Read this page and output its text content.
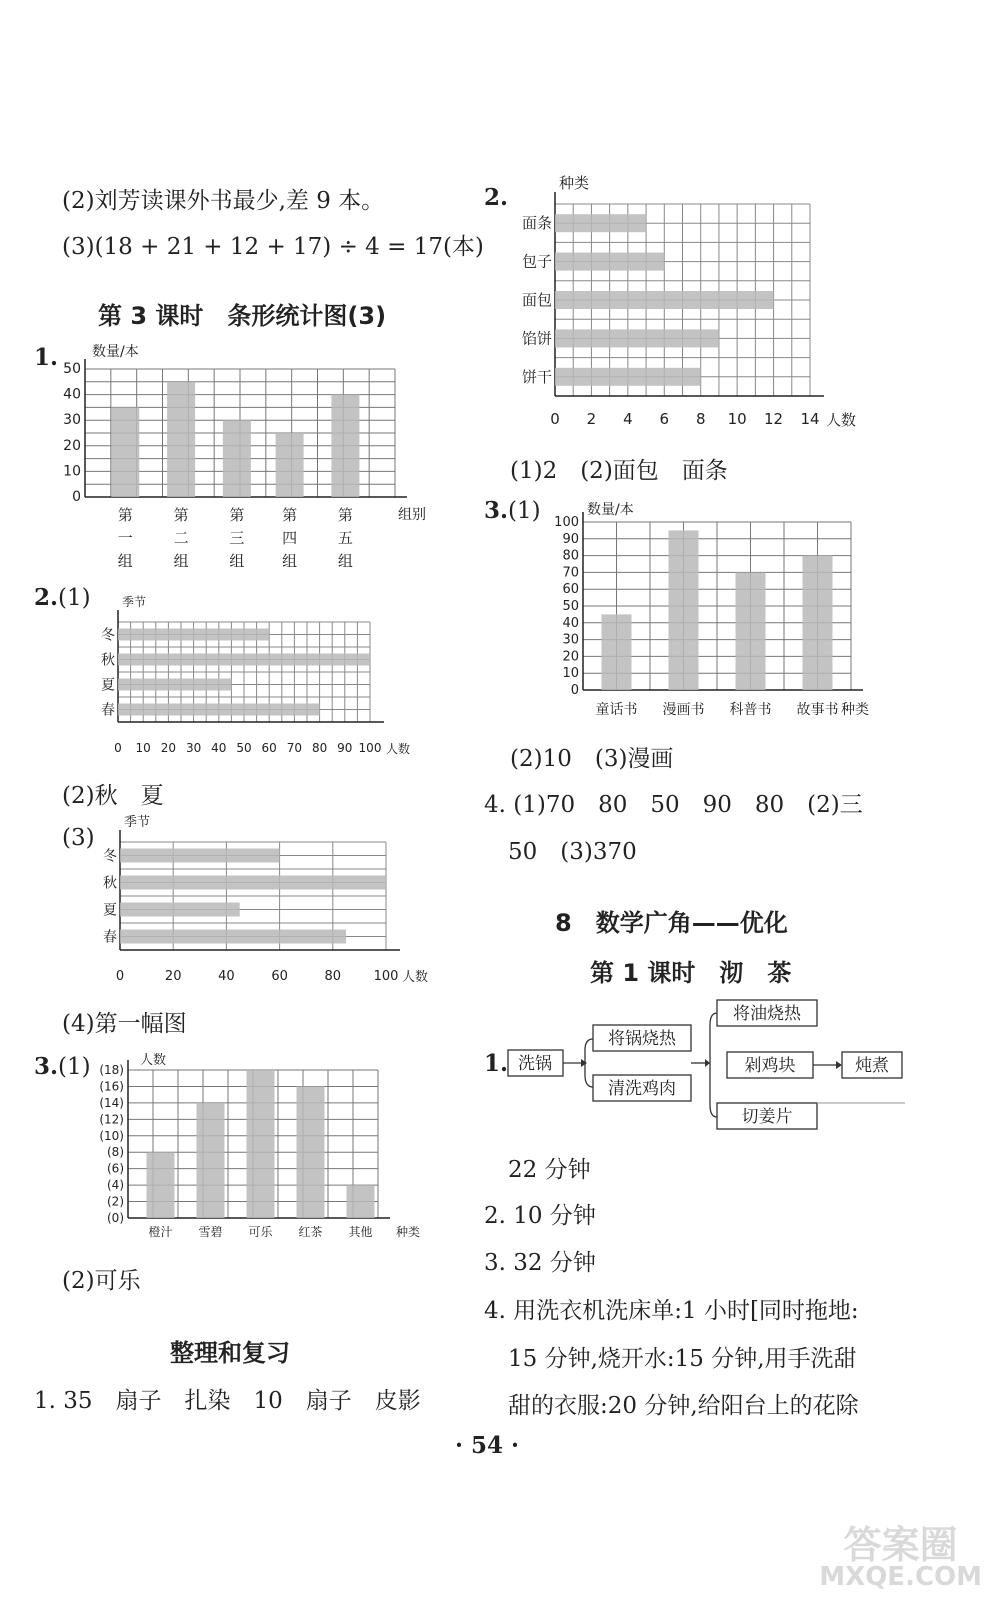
(2)刘芳读课外书最少,差 9 本。
(3)(18 + 21 + 12 + 17) ÷ 4 = 17(本)
第 3 课时　条形统计图(3)
1. 50
40
30
20
10
0
数量/本
组别
第
一
组
第
二
组
第
三
组
第
四
组
第
五
组
2.(1)
冬
秋
夏
春
0 10 20 30 40 50 60 70 80 90 100 人数
季节
(2)秋　夏
(3)
冬
秋
夏
春
0	20	40	60	80	100 人数
季节
(4)第一幅图
3.(1) (18)
(16)
(14)
(12)
(10)
(8)
(6)
(4)
(2)
(0)
人数
橙汁 雪碧 可乐 红茶 其他 种类
(2)可乐
整理和复习
1. 35　扇子　扎染　10　扇子　皮影
2.
面条
包子
面包
馅饼
饼干
0 2 4 6 8 10 12 14 人数
种类
(1)2　(2)面包　面条
3.(1) 100
90
80
70
60
50
40
30
20
10
0
数量/本
童话书 漫画书 科普书 故事书 种类
(2)10　(3)漫画
4. (1)70　80　50　90　80　(2)三
50　(3)370
8　数学广角——优化
第 1 课时　沏　茶
1. 洗锅
将锅烧热
清洗鸡肉
将油烧热
剁鸡块
切姜片
炖煮
22 分钟
2. 10 分钟
3. 32 分钟
4. 用洗衣机洗床单:1 小时[同时拖地:
15 分钟,烧开水:15 分钟,用手洗甜
甜的衣服:20 分钟,给阳台上的花除
· 54 ·
答案圈
MXQE.COM
